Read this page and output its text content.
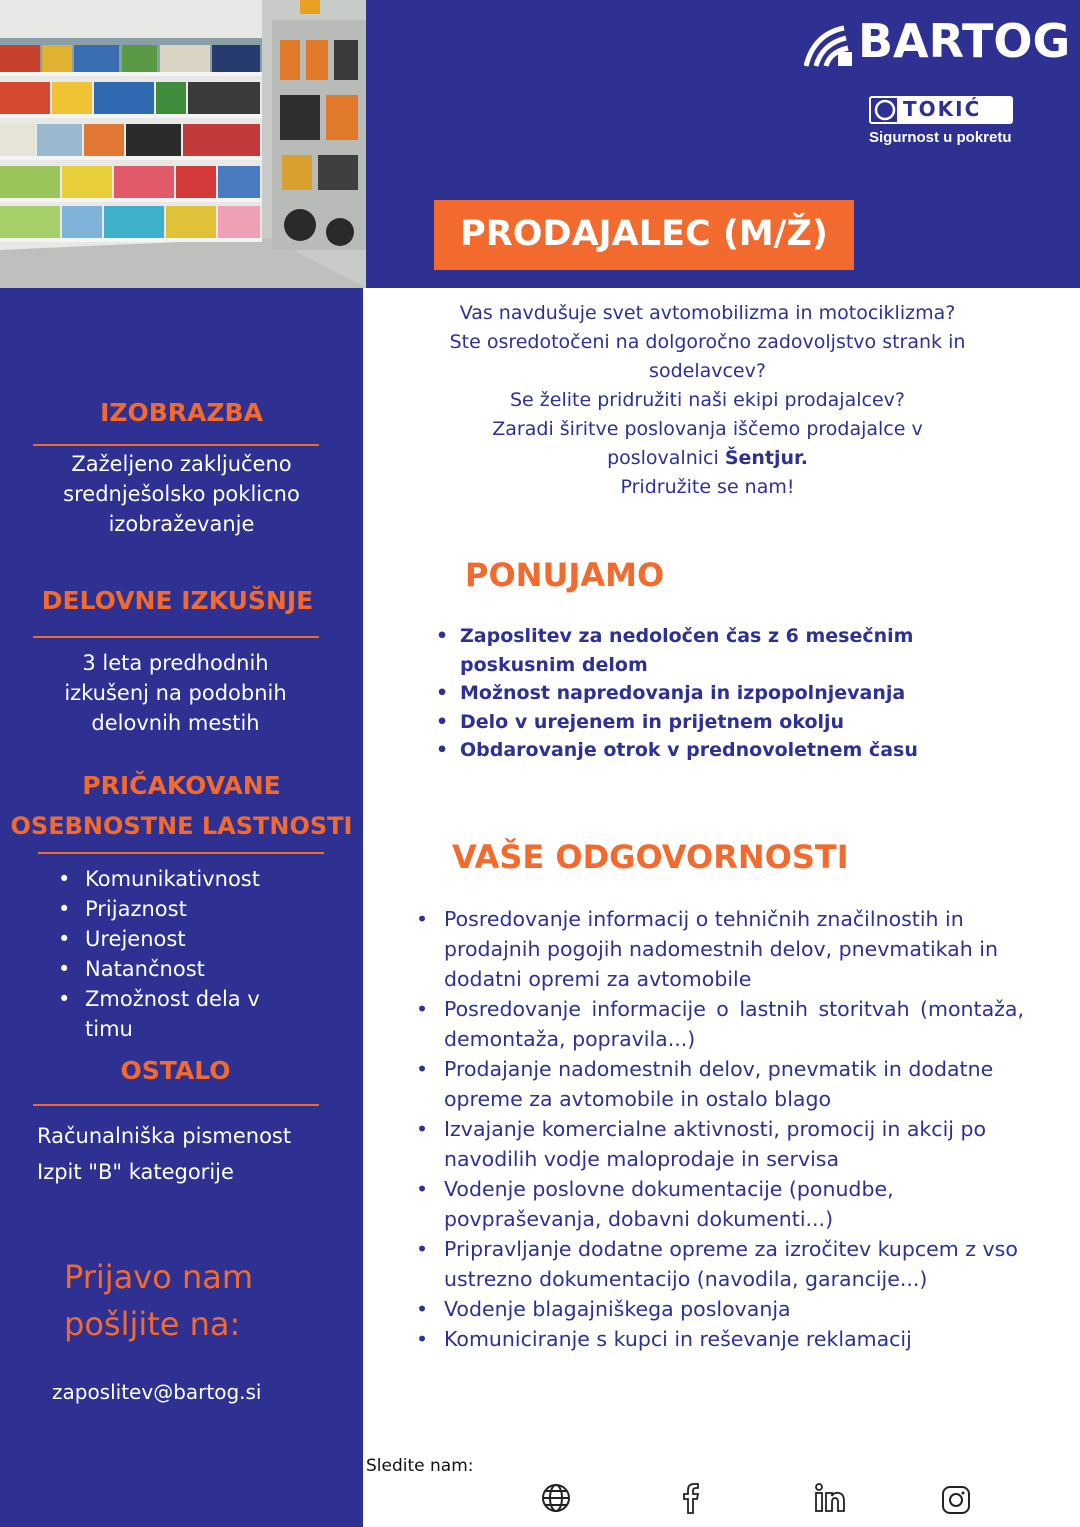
BARTOG
TOKIĆ
Sigurnost u pokretu
PRODAJALEC (M/Ž)
IZOBRAZBA
Zaželjeno zaključeno
srednješolsko poklicno
izobraževanje
DELOVNE IZKUŠNJE
3 leta predhodnih
izkušenj na podobnih
delovnih mestih
PRIČAKOVANE
OSEBNOSTNE LASTNOSTI
• Komunikativnost
• Prijaznost
• Urejenost
• Natančnost
• Zmožnost dela v timu
OSTALO
Računalniška pismenost
Izpit "B" kategorije
Prijavo nam
pošljite na:
zaposlitev@bartog.si
Vas navdušuje svet avtomobilizma in motociklizma?
Ste osredotočeni na dolgoročno zadovoljstvo strank in
sodelavcev?
Se želite pridružiti naši ekipi prodajalcev?
Zaradi širitve poslovanja iščemo prodajalce v
poslovalnici Šentjur.
Pridružite se nam!
PONUJAMO
• Zaposlitev za nedoločen čas z 6 mesečnim poskusnim delom
• Možnost napredovanja in izpopolnjevanja
• Delo v urejenem in prijetnem okolju
• Obdarovanje otrok v prednovoletnem času
VAŠE ODGOVORNOSTI
• Posredovanje informacij o tehničnih značilnostih in prodajnih pogojih nadomestnih delov, pnevmatikah in dodatni opremi za avtomobile
• Posredovanje informacije o lastnih storitvah (montaža, demontaža, popravila...)
• Prodajanje nadomestnih delov, pnevmatik in dodatne opreme za avtomobile in ostalo blago
• Izvajanje komercialne aktivnosti, promocij in akcij po navodilih vodje maloprodaje in servisa
• Vodenje poslovne dokumentacije (ponudbe, povpraševanja, dobavni dokumenti...)
• Pripravljanje dodatne opreme za izročitev kupcem z vso ustrezno dokumentacijo (navodila, garancije...)
• Vodenje blagajniškega poslovanja
• Komuniciranje s kupci in reševanje reklamacij
Sledite nam:
